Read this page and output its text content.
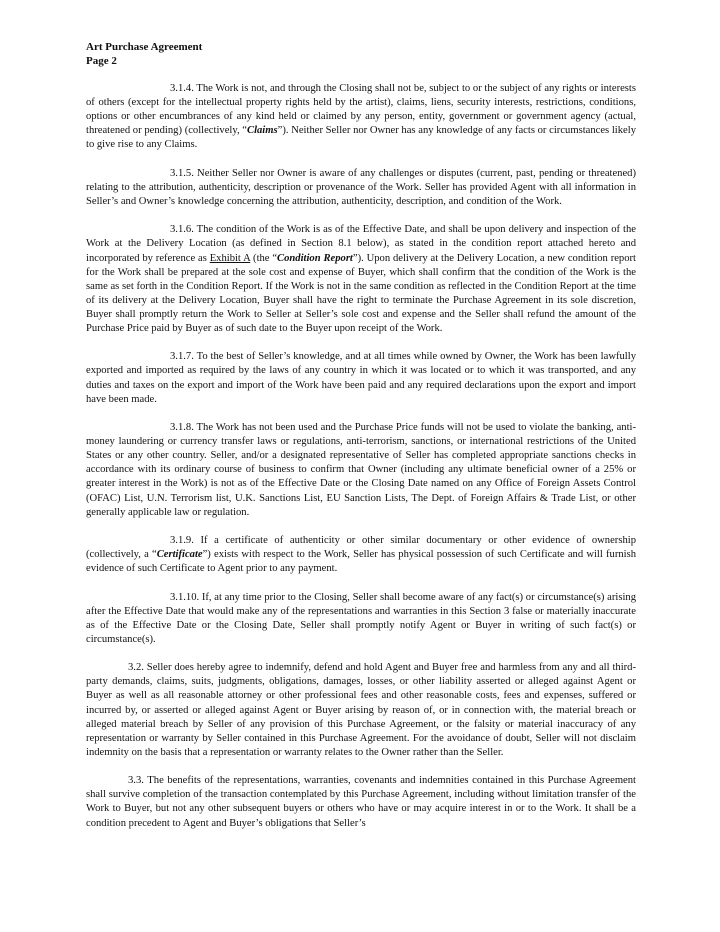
Art Purchase Agreement
Page 2

3.1.4. The Work is not, and through the Closing shall not be, subject to or the subject of any rights or interests of others (except for the intellectual property rights held by the artist), claims, liens, security interests, restrictions, conditions, options or other encumbrances of any kind held or claimed by any person, entity, government or government agency (actual, threatened or pending) (collectively, “Claims”). Neither Seller nor Owner has any knowledge of any facts or circumstances likely to give rise to any Claims.

3.1.5. Neither Seller nor Owner is aware of any challenges or disputes (current, past, pending or threatened) relating to the attribution, authenticity, description or provenance of the Work. Seller has provided Agent with all information in Seller’s and Owner’s knowledge concerning the attribution, authenticity, description, and condition of the Work.

3.1.6. The condition of the Work is as of the Effective Date, and shall be upon delivery and inspection of the Work at the Delivery Location (as defined in Section 8.1 below), as stated in the condition report attached hereto and incorporated by reference as Exhibit A (the “Condition Report”). Upon delivery at the Delivery Location, a new condition report for the Work shall be prepared at the sole cost and expense of Buyer, which shall confirm that the condition of the Work is the same as set forth in the Condition Report. If the Work is not in the same condition as reflected in the Condition Report at the time of its delivery at the Delivery Location, Buyer shall have the right to terminate the Purchase Agreement in its sole discretion, Buyer shall promptly return the Work to Seller at Seller’s sole cost and expense and the Seller shall refund the amount of the Purchase Price paid by Buyer as of such date to the Buyer upon receipt of the Work.

3.1.7. To the best of Seller’s knowledge, and at all times while owned by Owner, the Work has been lawfully exported and imported as required by the laws of any country in which it was located or to which it was transported, and any duties and taxes on the export and import of the Work have been paid and any required declarations upon the export and import have been made.

3.1.8. The Work has not been used and the Purchase Price funds will not be used to violate the banking, anti-money laundering or currency transfer laws or regulations, anti-terrorism, sanctions, or international restrictions of the United States or any other country. Seller, and/or a designated representative of Seller has completed appropriate sanctions checks in accordance with its ordinary course of business to confirm that Owner (including any ultimate beneficial owner of a 25% or greater interest in the Work) is not as of the Effective Date or the Closing Date named on any Office of Foreign Assets Control (OFAC) List, U.N. Terrorism list, U.K. Sanctions List, EU Sanction Lists, The Dept. of Foreign Affairs & Trade List, or other generally applicable law or regulation.

3.1.9. If a certificate of authenticity or other similar documentary or other evidence of ownership (collectively, a “Certificate”) exists with respect to the Work, Seller has physical possession of such Certificate and will furnish evidence of such Certificate to Agent prior to any payment.

3.1.10. If, at any time prior to the Closing, Seller shall become aware of any fact(s) or circumstance(s) arising after the Effective Date that would make any of the representations and warranties in this Section 3 false or materially inaccurate as of the Effective Date or the Closing Date, Seller shall promptly notify Agent or Buyer in writing of such fact(s) or circumstance(s).

3.2. Seller does hereby agree to indemnify, defend and hold Agent and Buyer free and harmless from any and all third-party demands, claims, suits, judgments, obligations, damages, losses, or other liability asserted or alleged against Agent or Buyer as well as all reasonable attorney or other professional fees and other reasonable costs, fees and expenses, suffered or incurred by, or asserted or alleged against Agent or Buyer arising by reason of, or in connection with, the material breach or alleged material breach by Seller of any provision of this Purchase Agreement, or the falsity or material inaccuracy of any representation or warranty by Seller contained in this Purchase Agreement. For the avoidance of doubt, Seller will not disclaim indemnity on the basis that a representation or warranty relates to the Owner rather than the Seller.

3.3. The benefits of the representations, warranties, covenants and indemnities contained in this Purchase Agreement shall survive completion of the transaction contemplated by this Purchase Agreement, including without limitation transfer of the Work to Buyer, but not any other subsequent buyers or others who have or may acquire interest in or to the Work. It shall be a condition precedent to Agent and Buyer’s obligations that Seller’s
